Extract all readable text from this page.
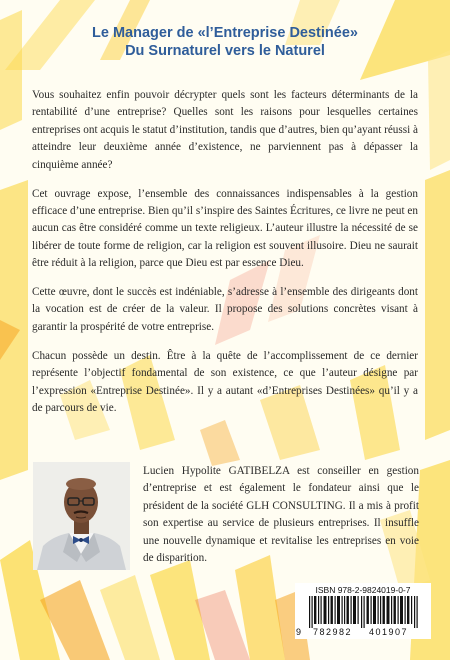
Le Manager de «l’Entreprise Destinée»
Du Surnaturel vers le Naturel

Vous souhaitez enfin pouvoir décrypter quels sont les facteurs déterminants de la rentabilité d’une entreprise? Quelles sont les raisons pour lesquelles certaines entreprises ont acquis le statut d’institution, tandis que d’autres, bien qu’ayant réussi à atteindre leur deuxième année d’existence, ne parviennent pas à dépasser la cinquième année?

Cet ouvrage expose, l’ensemble des connaissances indispensables à la gestion efficace d’une entreprise. Bien qu’il s’inspire des Saintes Écritures, ce livre ne peut en aucun cas être considéré comme un texte religieux. L’auteur illustre la nécessité de se libérer de toute forme de religion, car la religion est souvent illusoire. Dieu ne saurait être réduit à la religion, parce que Dieu est par essence Dieu.

Cette œuvre, dont le succès est indéniable, s’adresse à l’ensemble des dirigeants dont la vocation est de créer de la valeur. Il propose des solutions concrètes visant à garantir la prospérité de votre entreprise.

Chacun possède un destin. Être à la quête de l’accomplissement de ce dernier représente l’objectif fondamental de son existence, ce que l’auteur désigne par l’expression «Entreprise Destinée». Il y a autant «d’Entreprises Destinées» qu’il y a de parcours de vie.

Lucien Hypolite GATIBELZA est conseiller en gestion d’entreprise et est également le fondateur ainsi que le président de la société GLH CONSULTING. Il a mis à profit son expertise au service de plusieurs entreprises. Il insuffle une nouvelle dynamique et revitalise les entreprises en voie de disparition.
ISBN 978-2-9824019-0-7
9 782982 401907
